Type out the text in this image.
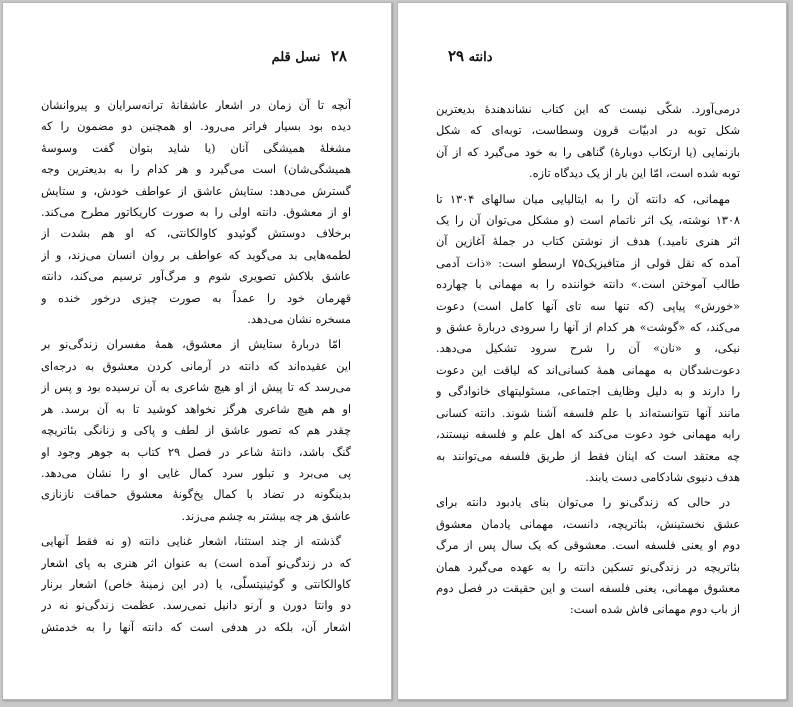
۲۸ نسل قلم
آنچه تا آن زمان در اشعار عاشقانهٔ ترانه‌سرایان و پیروانشان
دیده بود بسیار فراتر می‌رود. او همچنین دو مضمون را که
مشغلهٔ همیشگی آنان (یا شاید بتوان گفت وسوسهٔ
همیشگی‌شان) است می‌گیرد و هر کدام را به بدیعترین وجه
گسترش می‌دهد: ستایش عاشق از عواطف خودش، و ستایش
او از معشوق. دانته اولی را به صورت کاریکاتور مطرح می‌کند.
برخلاف دوستش گوئیدو کاوالکانتی، که او هم بشدت از
لطمه‌هایی بد می‌گوید که عواطف بر روان انسان می‌زند، و از
عاشق بلاکش تصویری شوم و مرگ‌آور ترسیم می‌کند، دانته
قهرمان خود را عمداً به صورت چیزی درخور خنده و
مسخره نشان می‌دهد.
امّا دربارهٔ ستایش از معشوق، همهٔ مفسران زندگی‌نو بر
این عقیده‌اند که دانته در آرمانی کردن معشوق به درجه‌ای
می‌رسد که تا پیش از او هیچ شاعری به آن نرسیده بود و پس از
او هم هیچ شاعری هرگز نخواهد کوشید تا به آن برسد. هر
چقدر هم که تصور عاشق از لطف و پاکی و زنانگی بئاتریچه
گنگ باشد، دانتهٔ شاعر در فصل ۲۹ کتاب به جوهر وجود او
پی می‌برد و تبلور سرد کمال غایی او را نشان می‌دهد.
بدینگونه در تضاد با کمال یخ‌گونهٔ معشوق حماقت نازنازی
عاشق هر چه بیشتر به چشم می‌زند.
گذشته از چند استثنا، اشعار غنایی دانته (و نه فقط آنهایی
که در زندگی‌نو آمده است) به عنوان اثر هنری به پای اشعار
کاوالکانتی و گوئینیتسلّی، یا (در این زمینهٔ خاص) اشعار برنار
دو وانتا دورن و آرنو دانیل نمی‌رسد. عظمت زندگی‌نو نه در
اشعار آن، بلکه در هدفی است که دانته آنها را به خدمتش
دانته ۲۹
درمی‌آورد. شکّی نیست که این کتاب نشاندهندهٔ بدیعترین
شکل توبه در ادبیّات قرون وسطاست، توبه‌ای که شکل
بازنمایی (یا ارتکاب دوبارهٔ) گناهی را به خود می‌گیرد که از آن
توبه شده است، امّا این بار از یک دیدگاه تازه.
مهمانی، که دانته آن را به ایتالیایی میان سالهای ۱۳۰۴ تا
۱۳۰۸ نوشته، یک اثر ناتمام است (و مشکل می‌توان آن را یک
اثر هنری نامید.) هدف از نوشتن کتاب در جملهٔ آغازین آن
آمده که نقل قولی از متافیزیک۷۵ ارسطو است: «ذات آدمی
طالب آموختن است.» دانته خواننده را به مهمانی با چهارده
«خورش» پیاپی (که تنها سه تای آنها کامل است) دعوت
می‌کند، که «گوشت» هر کدام از آنها را سرودی دربارهٔ عشق و
نیکی، و «نان» آن را شرح سرود تشکیل می‌دهد.
دعوت‌شدگان به مهمانی همهٔ کسانی‌اند که لیاقت این دعوت
را دارند و به دلیل وظایف اجتماعی، مسئولیتهای خانوادگی و
مانند آنها نتوانسته‌اند با علم فلسفه آشنا شوند. دانته کسانی
رابه مهمانی خود دعوت می‌کند که اهل علم و فلسفه نیستند،
چه معتقد است که اینان فقط از طریق فلسفه می‌توانند به
هدف دنیوی شادکامی دست یابند.
در حالی که زندگی‌نو را می‌توان بنای یادبود دانته برای
عشق نخستینش، بئاتریچه، دانست، مهمانی یادمان معشوق
دوم او یعنی فلسفه است. معشوقی که یک سال پس از مرگ
بئاتریچه در زندگی‌نو تسکین دانته را به عهده می‌گیرد همان
معشوق مهمانی، یعنی فلسفه است و این حقیقت در فصل دوم
از باب دوم مهمانی فاش شده است:
